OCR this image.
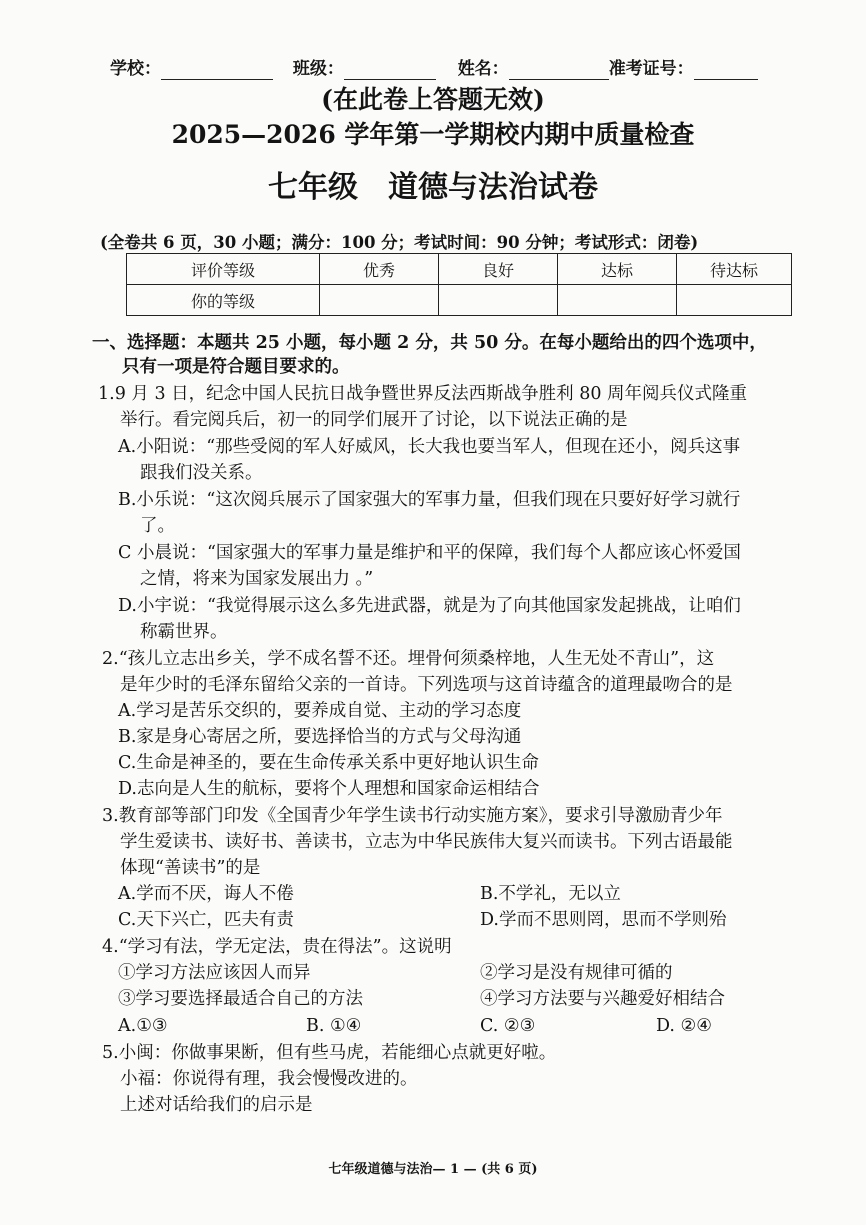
学校：	班级：	姓名：	准考证号：
(在此卷上答题无效)
2025—2026 学年第一学期校内期中质量检查
七年级　道德与法治试卷
(全卷共 6 页，30 小题；满分：100 分；考试时间：90 分钟；考试形式：闭卷)
评价等级	优秀	良好	达标	待达标
你的等级				
一、选择题：本题共 25 小题，每小题 2 分，共 50 分。在每小题给出的四个选项中，
只有一项是符合题目要求的。
1.9 月 3 日，纪念中国人民抗日战争暨世界反法西斯战争胜利 80 周年阅兵仪式隆重
举行。看完阅兵后，初一的同学们展开了讨论，以下说法正确的是
A.小阳说：“那些受阅的军人好威风，长大我也要当军人，但现在还小，阅兵这事
跟我们没关系。
B.小乐说：“这次阅兵展示了国家强大的军事力量，但我们现在只要好好学习就行
了。
C 小晨说：“国家强大的军事力量是维护和平的保障，我们每个人都应该心怀爱国
之情，将来为国家发展出力 。”
D.小宇说：“我觉得展示这么多先进武器，就是为了向其他国家发起挑战，让咱们
称霸世界。
2.“孩儿立志出乡关，学不成名誓不还。埋骨何须桑梓地，人生无处不青山”，这
是年少时的毛泽东留给父亲的一首诗。下列选项与这首诗蕴含的道理最吻合的是
A.学习是苦乐交织的，要养成自觉、主动的学习态度
B.家是身心寄居之所，要选择恰当的方式与父母沟通
C.生命是神圣的，要在生命传承关系中更好地认识生命
D.志向是人生的航标，要将个人理想和国家命运相结合
3.教育部等部门印发《全国青少年学生读书行动实施方案》，要求引导激励青少年
学生爱读书、读好书、善读书，立志为中华民族伟大复兴而读书。下列古语最能
体现“善读书”的是
A.学而不厌，诲人不倦	B.不学礼，无以立
C.天下兴亡，匹夫有责	D.学而不思则罔，思而不学则殆
4.“学习有法，学无定法，贵在得法”。这说明
①学习方法应该因人而异	②学习是没有规律可循的
③学习要选择最适合自己的方法	④学习方法要与兴趣爱好相结合
A.①③	B. ①④	C. ②③	D. ②④
5.小闽：你做事果断，但有些马虎，若能细心点就更好啦。
小福：你说得有理，我会慢慢改进的。
上述对话给我们的启示是
七年级道德与法治— 1 — (共 6 页)
